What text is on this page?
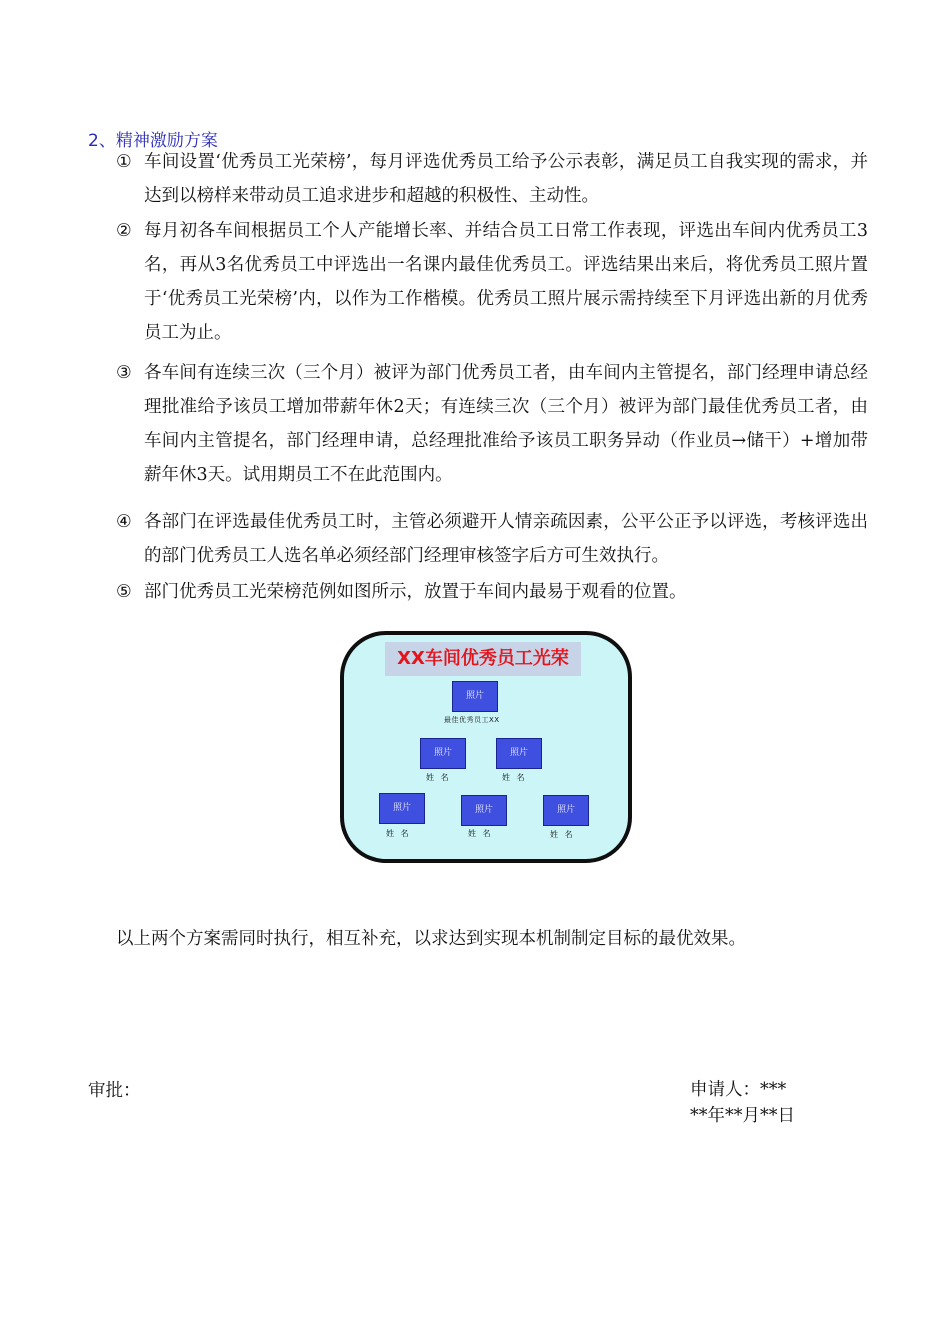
2、精神激励方案
① 车间设置‘优秀员工光荣榜’，每月评选优秀员工给予公示表彰，满足员工自我实现的需求，并达到以榜样来带动员工追求进步和超越的积极性、主动性。
② 每月初各车间根据员工个人产能增长率、并结合员工日常工作表现，评选出车间内优秀员工3名，再从3名优秀员工中评选出一名课内最佳优秀员工。评选结果出来后，将优秀员工照片置于‘优秀员工光荣榜’内，以作为工作楷模。优秀员工照片展示需持续至下月评选出新的月优秀员工为止。
③ 各车间有连续三次（三个月）被评为部门优秀员工者，由车间内主管提名，部门经理申请总经理批准给予该员工增加带薪年休2天；有连续三次（三个月）被评为部门最佳优秀员工者，由车间内主管提名，部门经理申请，总经理批准给予该员工职务异动（作业员→储干）+增加带薪年休3天。试用期员工不在此范围内。
④ 各部门在评选最佳优秀员工时，主管必须避开人情亲疏因素，公平公正予以评选，考核评选出的部门优秀员工人选名单必须经部门经理审核签字后方可生效执行。
⑤ 部门优秀员工光荣榜范例如图所示，放置于车间内最易于观看的位置。
XX车间优秀员工光荣
照片
最佳优秀员工XX
照片
姓 名
照片
姓 名
照片
姓 名
照片
姓 名
照片
姓 名
以上两个方案需同时执行，相互补充，以求达到实现本机制制定目标的最优效果。
审批：	申请人：***
**年**月**日
